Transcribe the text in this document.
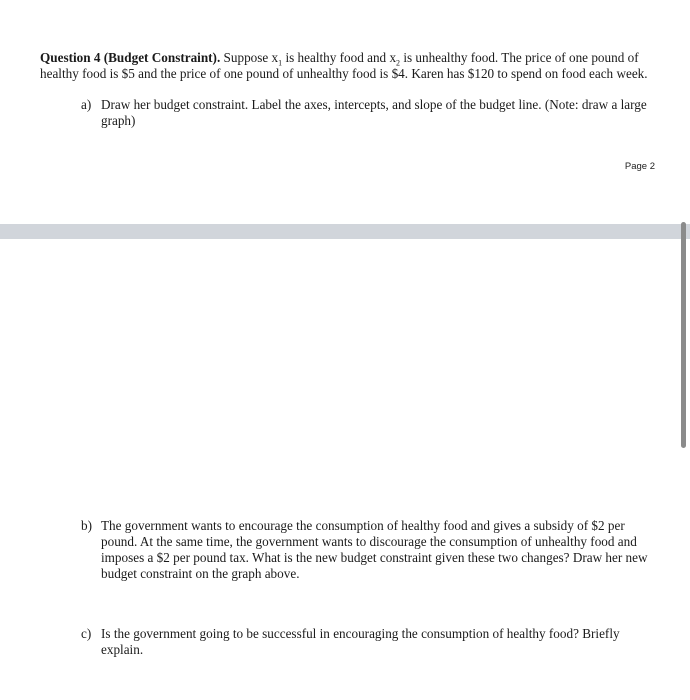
Question 4 (Budget Constraint). Suppose $x_1$ is healthy food and $x_2$ is unhealthy food. The price of one pound of healthy food is $5 and the price of one pound of unhealthy food is $4. Karen has $120 to spend on food each week.
a) Draw her budget constraint. Label the axes, intercepts, and slope of the budget line. (Note: draw a large graph)
Page 2
b) The government wants to encourage the consumption of healthy food and gives a subsidy of $2 per pound. At the same time, the government wants to discourage the consumption of unhealthy food and imposes a $2 per pound tax. What is the new budget constraint given these two changes? Draw her new budget constraint on the graph above.
c) Is the government going to be successful in encouraging the consumption of healthy food? Briefly explain.
